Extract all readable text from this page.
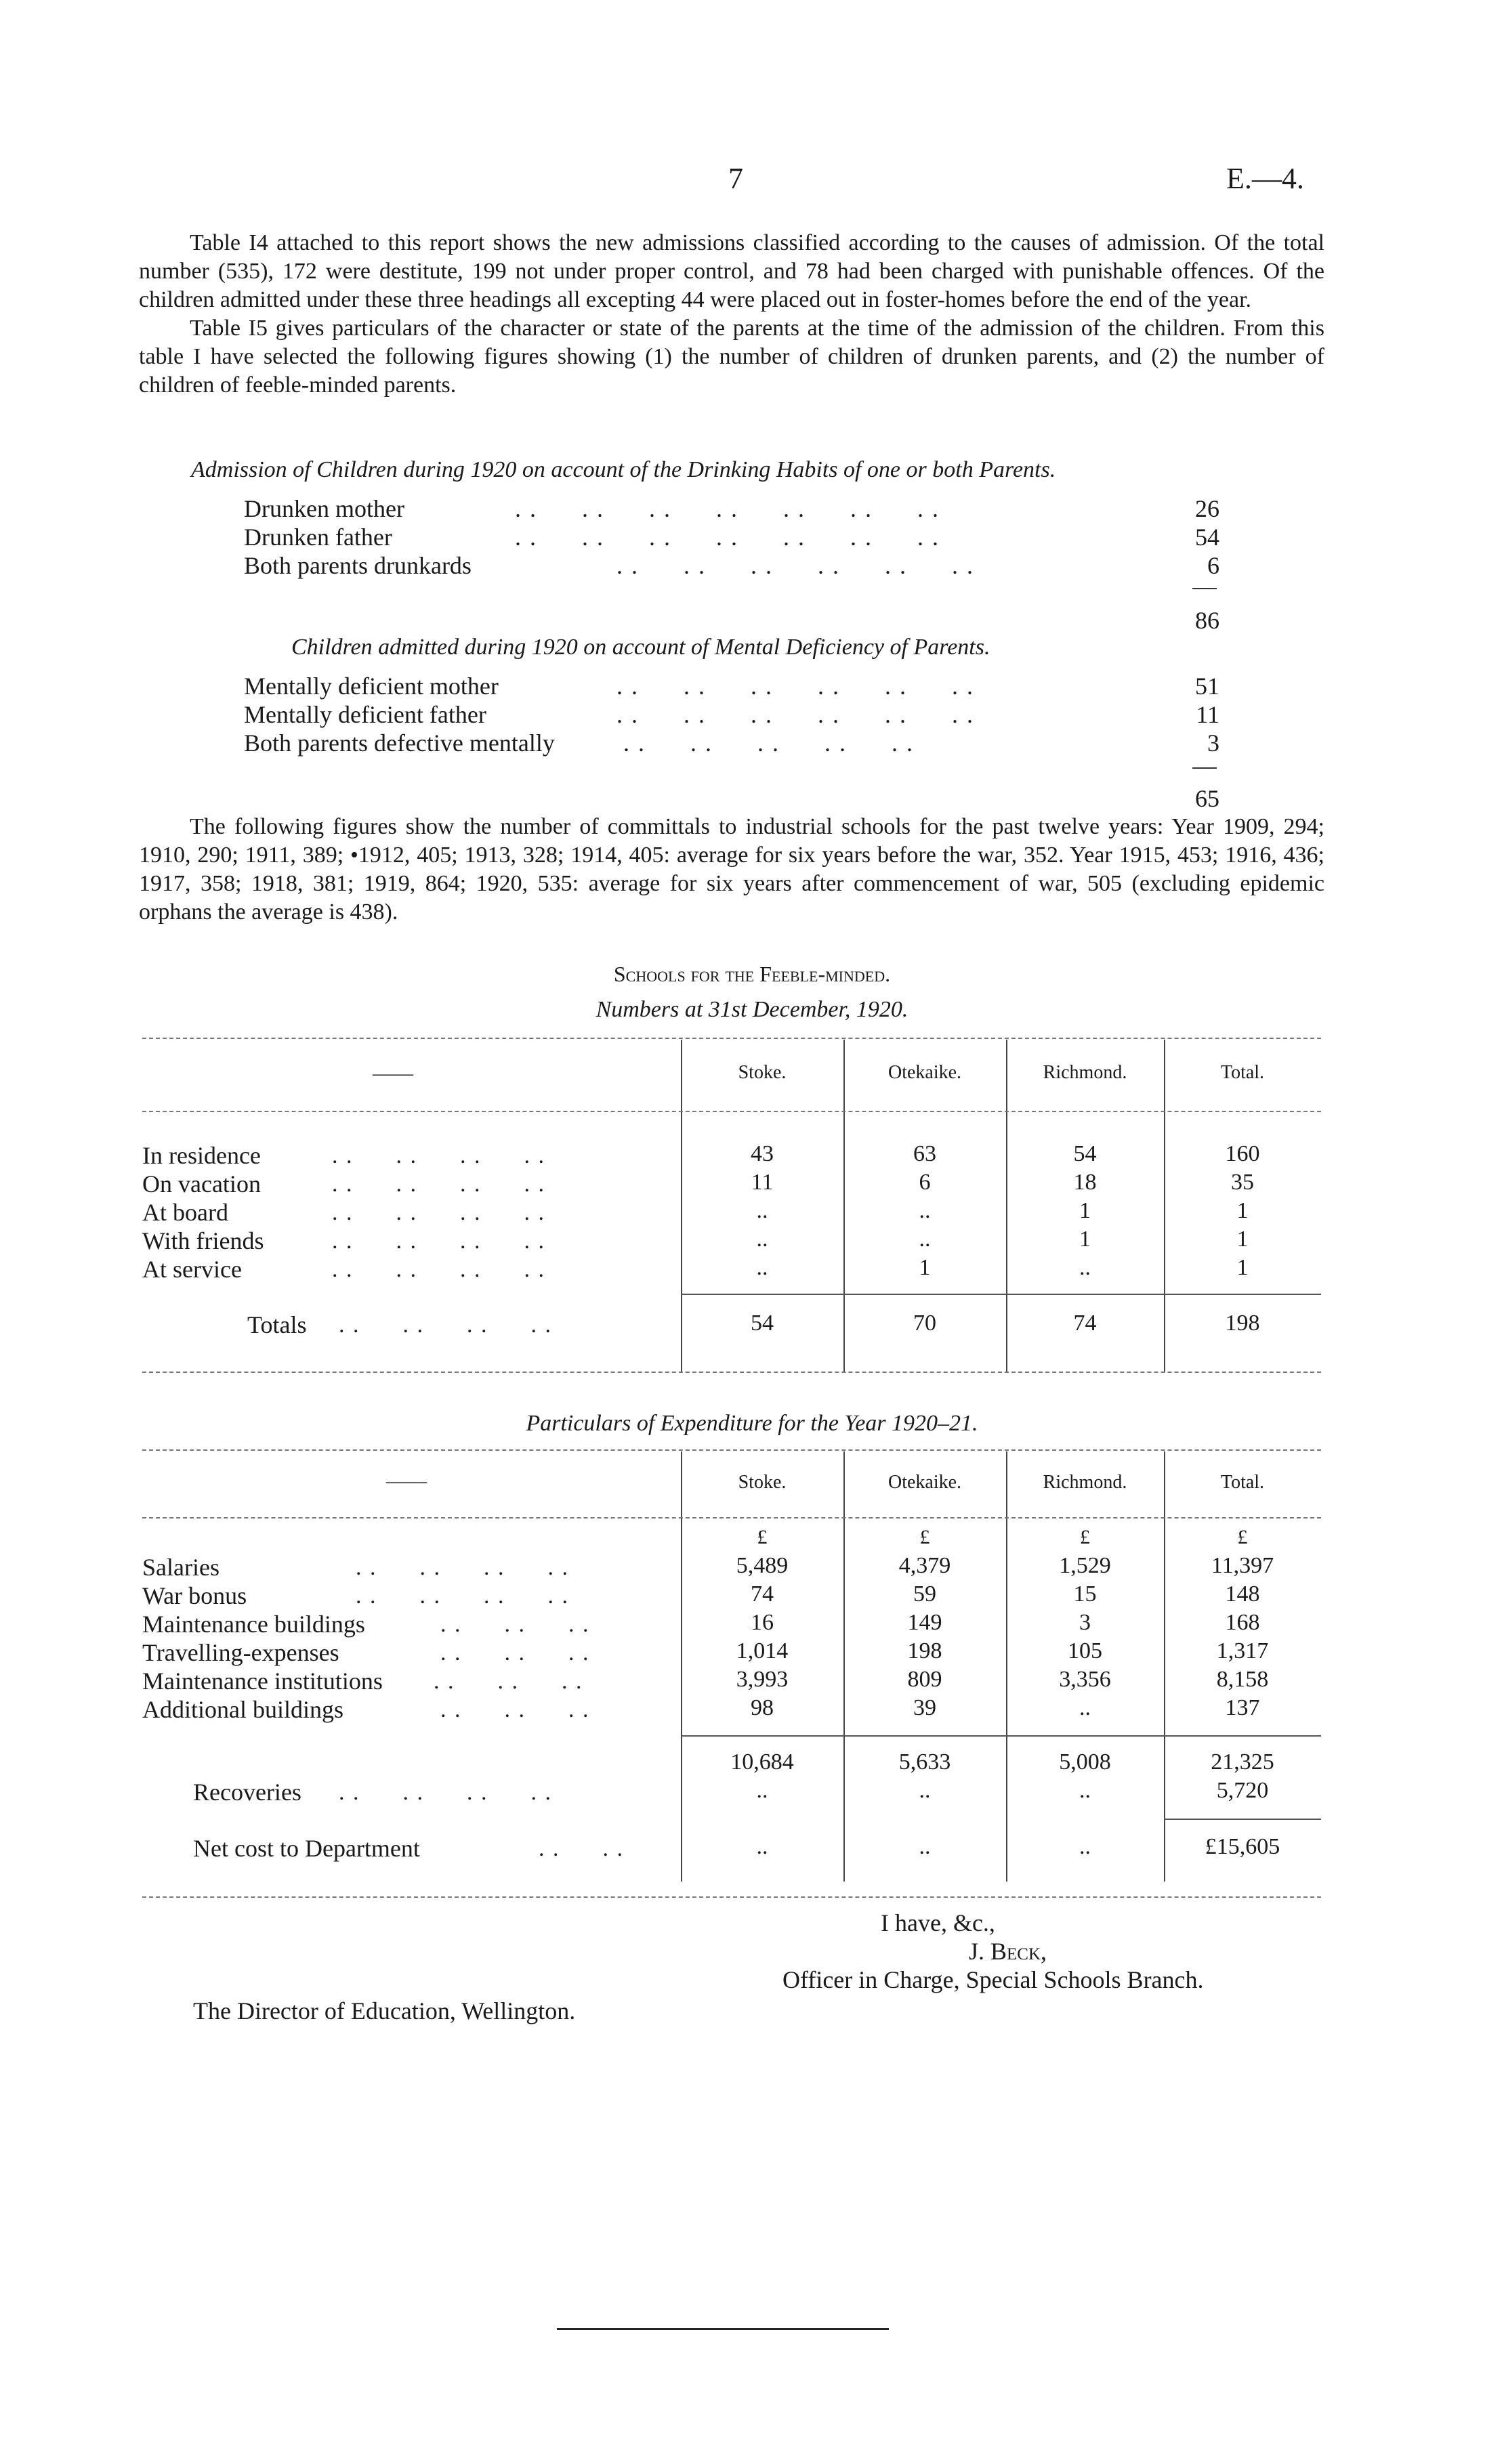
7	E.—4.

Table I4 attached to this report shows the new admissions classified according to the causes of admission. Of the total number (535), 172 were destitute, 199 not under proper control, and 78 had been charged with punishable offences. Of the children admitted under these three headings all excepting 44 were placed out in foster-homes before the end of the year.

Table I5 gives particulars of the character or state of the parents at the time of the admission of the children. From this table I have selected the following figures showing (1) the number of children of drunken parents, and (2) the number of children of feeble-minded parents.

Admission of Children during 1920 on account of the Drinking Habits of one or both Parents.
Drunken mother	. .      . .      . .      . .      . .      . .      . .	26
Drunken father	. .      . .      . .      . .      . .      . .      . .	54
Both parents drunkards	. .      . .      . .      . .      . .      . .	6
86
Children admitted during 1920 on account of Mental Deficiency of Parents.
Mentally deficient mother	. .      . .      . .      . .      . .      . .	51
Mentally deficient father	. .      . .      . .      . .      . .      . .	11
Both parents defective mentally	. .      . .      . .      . .      . .	3
65

The following figures show the number of committals to industrial schools for the past twelve years: Year 1909, 294; 1910, 290; 1911, 389; •1912, 405; 1913, 328; 1914, 405: average for six years before the war, 352. Year 1915, 453; 1916, 436; 1917, 358; 1918, 381; 1919, 864; 1920, 535: average for six years after commencement of war, 505 (excluding epidemic orphans the average is 438).

Schools for the Feeble-minded.
Numbers at 31st December, 1920.
——	Stoke.	Otekaike.	Richmond.	Total.
In residence	. .      . .      . .      . .	43	63	54	160
On vacation	. .      . .      . .      . .	11	6	18	35
At board	. .      . .      . .      . .	..	..	1	1
With friends	. .      . .      . .      . .	..	..	1	1
At service	. .      . .      . .      . .	..	1	..	1
Totals . .      . .      . .      . .	54	70	74	198
Particulars of Expenditure for the Year 1920–21.
——	Stoke.	Otekaike.	Richmond.	Total.
£	£	£	£
Salaries	. .      . .      . .      . .	5,489	4,379	1,529	11,397
War bonus	. .      . .      . .      . .	74	59	15	148
Maintenance buildings	. .      . .      . .	16	149	3	168
Travelling-expenses	. .      . .      . .	1,014	198	105	1,317
Maintenance institutions . .      . .      . .	3,993	809	3,356	8,158
Additional buildings	. .      . .      . .	98	39	..	137
10,684	5,633	5,008	21,325
Recoveries . .      . .      . .      . .	..	..	..	5,720
Net cost to Department	. .      . .	..	..	..	£15,605
I have, &c.,
J. Beck,
Officer in Charge, Special Schools Branch.
The Director of Education, Wellington.
